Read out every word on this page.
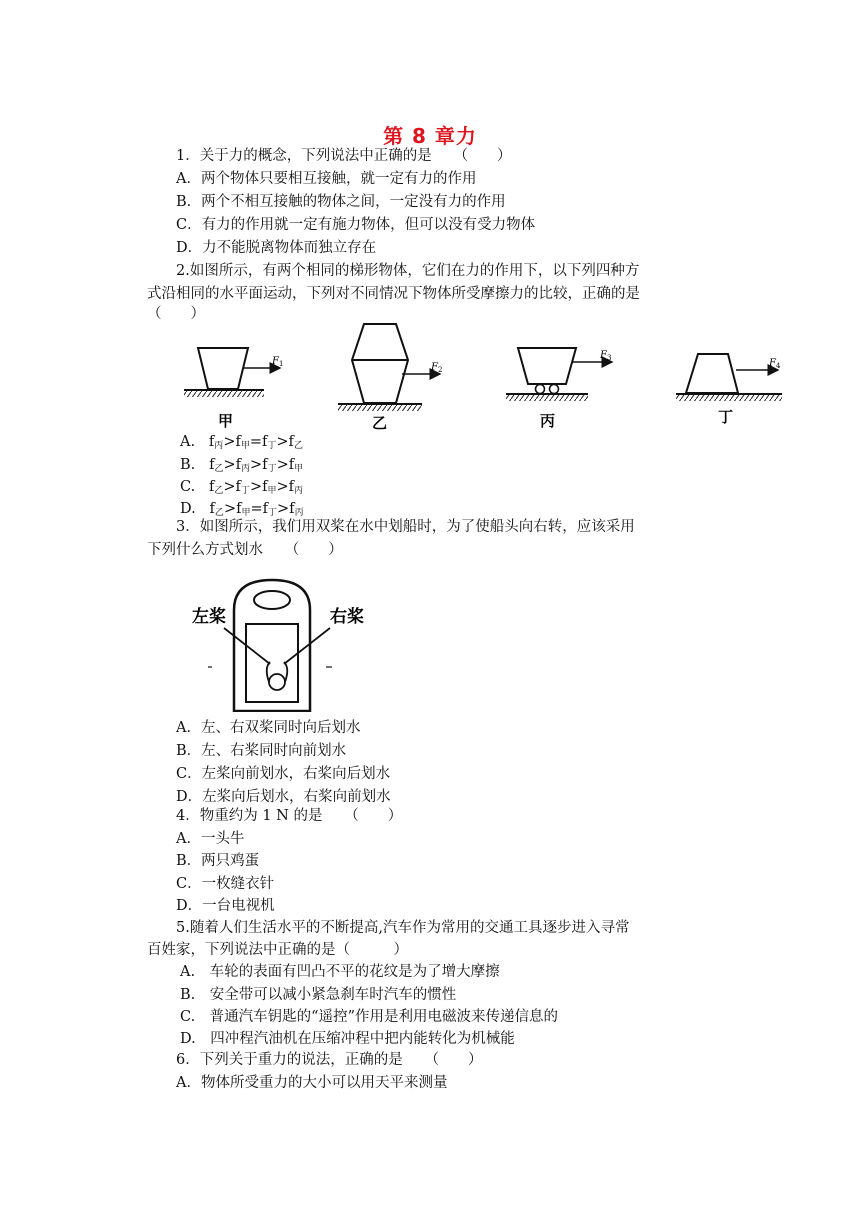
第 8 章力
1．关于力的概念，下列说法中正确的是　　（　　）
A．两个物体只要相互接触，就一定有力的作用
B．两个不相互接触的物体之间，一定没有力的作用
C．有力的作用就一定有施力物体，但可以没有受力物体
D．力不能脱离物体而独立存在
2.如图所示，有两个相同的梯形物体，它们在力的作用下，以下列四种方
式沿相同的水平面运动，下列对不同情况下物体所受摩擦力的比较，正确的是
（　　）
F 1
甲
F 2
乙
F 3
丙
F 4
丁
A. $f_丙>f_甲=f_丁>f_乙$
B. $f_乙>f_丙>f_丁>f_甲$
C. $f_乙>f_丁>f_甲>f_丙$
D. $f_乙>f_甲=f_丁>f_丙$
3．如图所示，我们用双桨在水中划船时，为了使船头向右转，应该采用
下列什么方式划水　　（　　）
左桨	右桨
A．左、右双桨同时向后划水
B．左、右桨同时向前划水
C．左桨向前划水，右桨向后划水
D．左桨向后划水，右桨向前划水
4．物重约为 1 N 的是　　（　　）
A．一头牛
B．两只鸡蛋
C．一枚缝衣针
D．一台电视机
5.随着人们生活水平的不断提高,汽车作为常用的交通工具逐步进入寻常
百姓家，下列说法中正确的是（　　　）
A.　车轮的表面有凹凸不平的花纹是为了增大摩擦
B.　安全带可以减小紧急刹车时汽车的惯性
C.　普通汽车钥匙的“遥控”作用是利用电磁波来传递信息的
D.　四冲程汽油机在压缩冲程中把内能转化为机械能
6．下列关于重力的说法，正确的是　　（　　）
A．物体所受重力的大小可以用天平来测量
